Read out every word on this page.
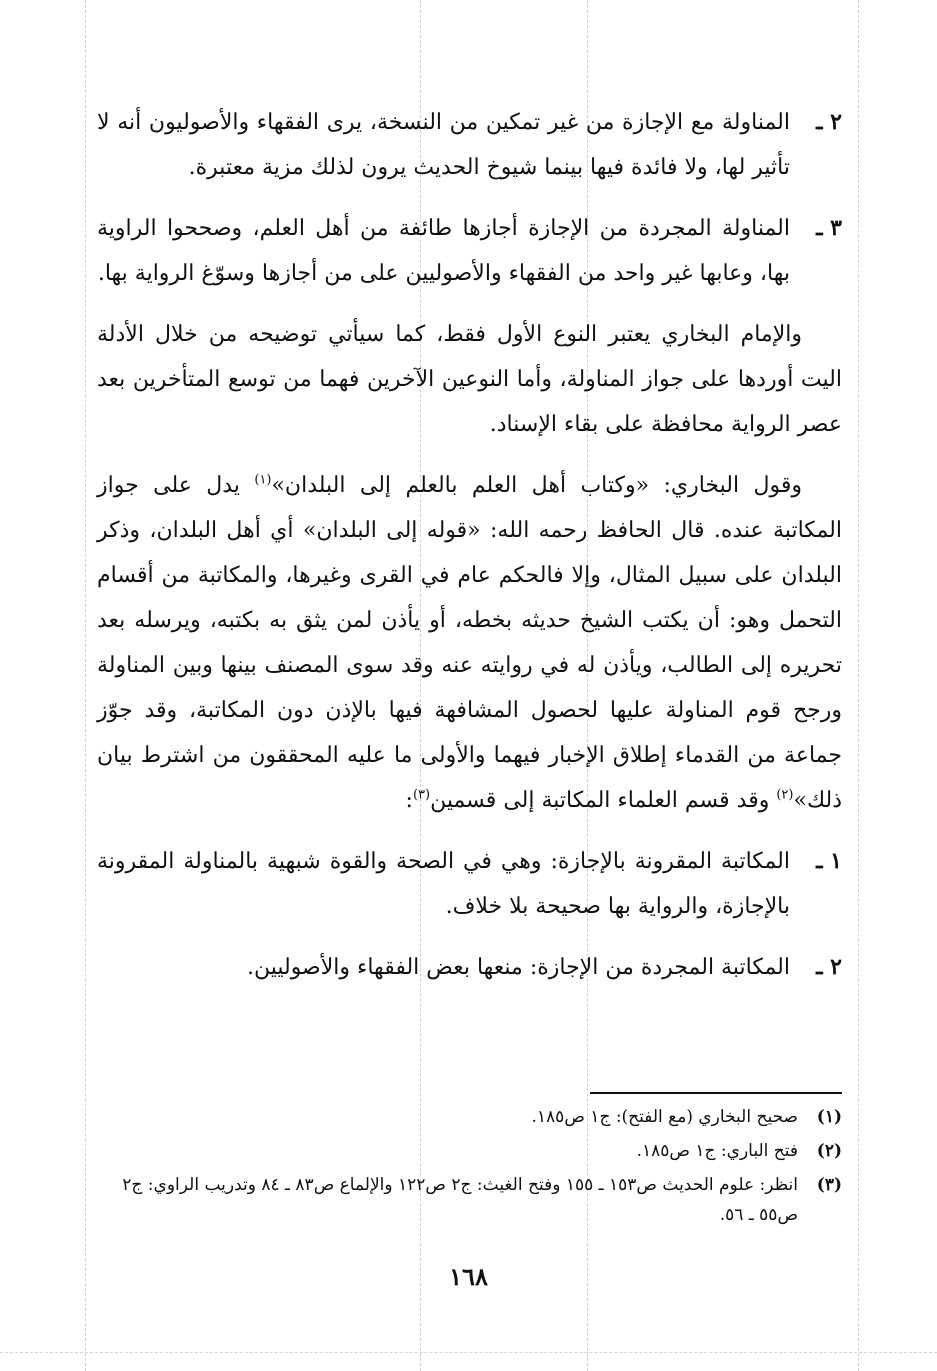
٢ ـ
المناولة مع الإجازة من غير تمكين من النسخة، يرى الفقهاء والأصوليون أنه لا تأثير لها، ولا فائدة فيها بينما شيوخ الحديث يرون لذلك مزية معتبرة.
٣ ـ
المناولة المجردة من الإجازة أجازها طائفة من أهل العلم، وصححوا الراوية بها، وعابها غير واحد من الفقهاء والأصوليين على من أجازها وسوّغ الرواية بها.

والإمام البخاري يعتبر النوع الأول فقط، كما سيأتي توضيحه من خلال الأدلة اليت أوردها على جواز المناولة، وأما النوعين الآخرين فهما من توسع المتأخرين بعد عصر الرواية محافظة على بقاء الإسناد.

وقول البخاري: «وكتاب أهل العلم بالعلم إلى البلدان»$^{(١)}$ يدل على جواز المكاتبة عنده. قال الحافظ رحمه الله: «قوله إلى البلدان» أي أهل البلدان، وذكر البلدان على سبيل المثال، وإلا فالحكم عام في القرى وغيرها، والمكاتبة من أقسام التحمل وهو: أن يكتب الشيخ حديثه بخطه، أو يأذن لمن يثق به بكتبه، ويرسله بعد تحريره إلى الطالب، ويأذن له في روايته عنه وقد سوى المصنف بينها وبين المناولة ورجح قوم المناولة عليها لحصول المشافهة فيها بالإذن دون المكاتبة، وقد جوّز جماعة من القدماء إطلاق الإخبار فيهما والأولى ما عليه المحققون من اشترط بيان ذلك»$^{(٢)}$ وقد قسم العلماء المكاتبة إلى قسمين$^{(٣)}$:

١ ـ
المكاتبة المقرونة بالإجازة: وهي في الصحة والقوة شبهية بالمناولة المقرونة بالإجازة، والرواية بها صحيحة بلا خلاف.
٢ ـ
المكاتبة المجردة من الإجازة: منعها بعض الفقهاء والأصوليين.
(١)
صحيح البخاري (مع الفتح): ج١ ص١٨٥.
(٢)
فتح الباري: ج١ ص١٨٥.
(٣)
انظر: علوم الحديث ص١٥٣ ـ ١٥٥ وفتح الغيث: ج٢ ص١٢٢ والإلماع ص٨٣ ـ ٨٤ وتدريب الراوي: ج٢ ص٥٥ ـ ٥٦.
١٦٨
